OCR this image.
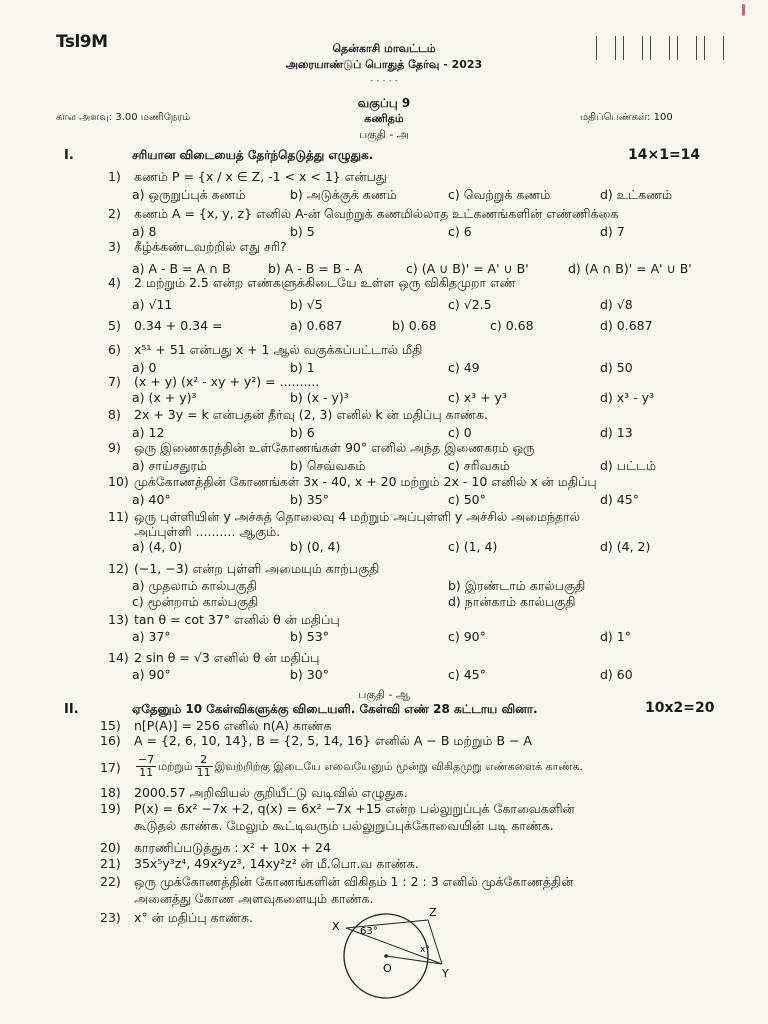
Tsl9M	தென்காசி மாவட்டம்
அரையாண்டுப் பொதுத் தேர்வு - 2023
- - - - -
வகுப்பு 9
கணிதம்
கால அளவு: 3.00 மணிநேரம்	மதிப்பெண்கள்: 100
பகுதி - அ
I.	சரியான விடையைத் தேர்ந்தெடுத்து எழுதுக.	14×1=14
1) கணம் P = {x / x ∈ Z, -1 < x < 1} என்பது
a) ஒருறுப்புக் கணம்	b) அடுக்குக் கணம்	c) வெற்றுக் கணம்	d) உட்கணம்
2) கணம் A = {x, y, z} எனில் A-ன் வெற்றுக் கணமில்லாத உட்கணங்களின் எண்ணிக்கை
a) 8	b) 5	c) 6	d) 7
3) கீழ்க்கண்டவற்றில் எது சரி?
a) A - B = A ∩ B	b) A - B = B - A	c) (A ∪ B)' = A' ∪ B'	d) (A ∩ B)' = A' ∪ B'
4) 2 மற்றும் 2.5 என்ற எண்களுக்கிடையே உள்ள ஒரு விகிதமுறா எண்
a) √11	b) √5	c) √2.5	d) √8
5) 0.34 + 0.34 =	a) 0.687	b) 0.68	c) 0.68	d) 0.687
6) x⁵¹ + 51 என்பது x + 1 ஆல் வகுக்கப்பட்டால் மீதி
a) 0	b) 1	c) 49	d) 50
7) (x + y) (x² - xy + y²) = ..........
a) (x + y)³	b) (x - y)³	c) x³ + y³	d) x³ - y³
8) 2x + 3y = k என்பதன் தீர்வு (2, 3) எனில் k ன் மதிப்பு காண்க.
a) 12	b) 6	c) 0	d) 13
9) ஒரு இணைகரத்தின் உள்கோணங்கள் 90° எனில் அந்த இணைகரம் ஒரு
a) சாய்சதுரம்	b) செவ்வகம்	c) சரிவகம்	d) பட்டம்
10) முக்கோணத்தின் கோணங்கள் 3x - 40, x + 20 மற்றும் 2x - 10 எனில் x ன் மதிப்பு
a) 40°	b) 35°	c) 50°	d) 45°
11) ஒரு புள்ளியின் y அச்சுத் தொலைவு 4 மற்றும் அப்புள்ளி y அச்சில் அமைந்தால்
அப்புள்ளி .......... ஆகும்.
a) (4, 0)	b) (0, 4)	c) (1, 4)	d) (4, 2)
12) (−1, −3) என்ற புள்ளி அமையும் காற்பகுதி
a) முதலாம் கால்பகுதி	b) இரண்டாம் கால்பகுதி
c) மூன்றாம் கால்பகுதி	d) நான்காம் கால்பகுதி
13) tan θ = cot 37° எனில் θ ன் மதிப்பு
a) 37°	b) 53°	c) 90°	d) 1°
14) 2 sin θ = √3 எனில் θ ன் மதிப்பு
a) 90°	b) 30°	c) 45°	d) 60
பகுதி - ஆ
II.	ஏதேனும் 10 கேள்விகளுக்கு விடையளி. கேள்வி எண் 28 கட்டாய வினா.	10x2=20
15) n[P(A)] = 256 எனில் n(A) காண்க
16) A = {2, 6, 10, 14}, B = {2, 5, 14, 16} எனில் A − B மற்றும் B − A
$17) \frac{-7}{11}$ மற்றும் $\frac{2}{11}$ இவற்றிற்கு இடையே எவையேனும் மூன்று விகிதமுறு எண்களைக் காண்க.
18) 2000.57 அறிவியல் குறியீட்டு வடிவில் எழுதுக.
19) P(x) = 6x² −7x +2, q(x) = 6x² −7x +15 என்ற பல்லுறுப்புக் கோவைகளின்
கூடுதல் காண்க. மேலும் கூட்டிவரும் பல்லுறுப்புக்கோவையின் படி காண்க.
20) காரணிப்படுத்துக : x² + 10x + 24
21) 35x⁵y³z⁴, 49x²yz³, 14xy²z² ன் மீ.பொ.வ காண்க.
22) ஒரு முக்கோணத்தின் கோணங்களின் விகிதம் 1 : 2 : 3 எனில் முக்கோணத்தின்
அனைத்து கோண அளவுகளையும் காண்க.
23) x° ன் மதிப்பு காண்க.
X
Z
O	Y
63°
x°
